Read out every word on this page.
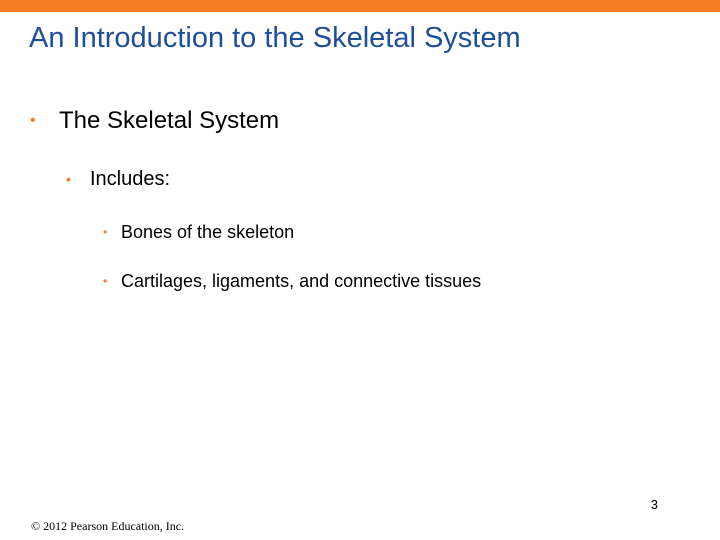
An Introduction to the Skeletal System
• The Skeletal System
• Includes:
• Bones of the skeleton
• Cartilages, ligaments, and connective tissues
3
© 2012 Pearson Education, Inc.
